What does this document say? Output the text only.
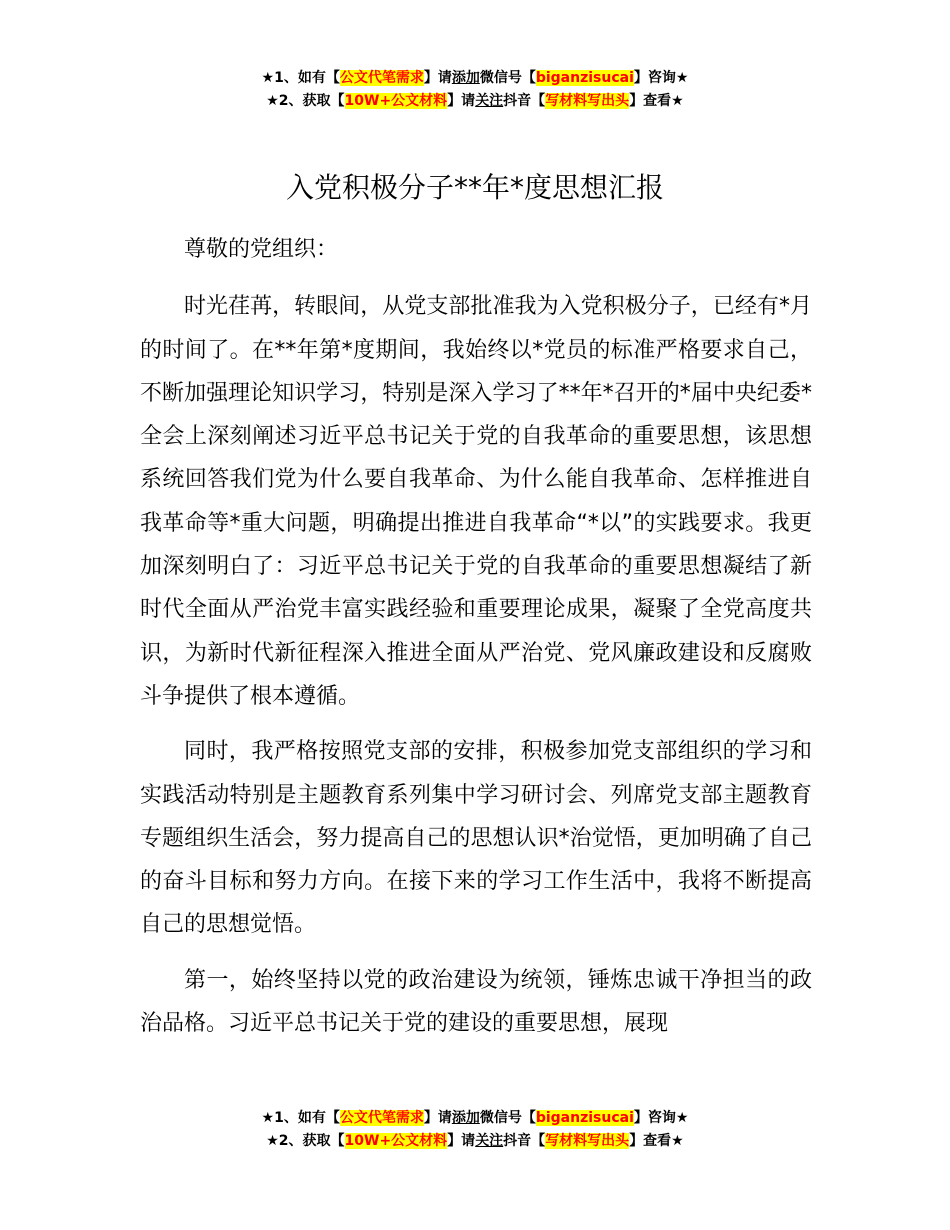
★1、如有【公文代笔需求】请添加微信号【biganzisucai】咨询★
★2、获取【10W+公文材料】请关注抖音【写材料写出头】查看★
入党积极分子**年*度思想汇报

尊敬的党组织：

时光荏苒，转眼间，从党支部批准我为入党积极分子，已经有*月的时间了。在**年第*度期间，我始终以*党员的标准严格要求自己，不断加强理论知识学习，特别是深入学习了**年*召开的*届中央纪委*全会上深刻阐述习近平总书记关于党的自我革命的重要思想，该思想系统回答我们党为什么要自我革命、为什么能自我革命、怎样推进自我革命等*重大问题，明确提出推进自我革命“*以”的实践要求。我更加深刻明白了：习近平总书记关于党的自我革命的重要思想凝结了新时代全面从严治党丰富实践经验和重要理论成果，凝聚了全党高度共识，为新时代新征程深入推进全面从严治党、党风廉政建设和反腐败斗争提供了根本遵循。

同时，我严格按照党支部的安排，积极参加党支部组织的学习和实践活动特别是主题教育系列集中学习研讨会、列席党支部主题教育专题组织生活会，努力提高自己的思想认识*治觉悟，更加明确了自己的奋斗目标和努力方向。在接下来的学习工作生活中，我将不断提高自己的思想觉悟。

第一，始终坚持以党的政治建设为统领，锤炼忠诚干净担当的政治品格。习近平总书记关于党的建设的重要思想，展现

★1、如有【公文代笔需求】请添加微信号【biganzisucai】咨询★
★2、获取【10W+公文材料】请关注抖音【写材料写出头】查看★
